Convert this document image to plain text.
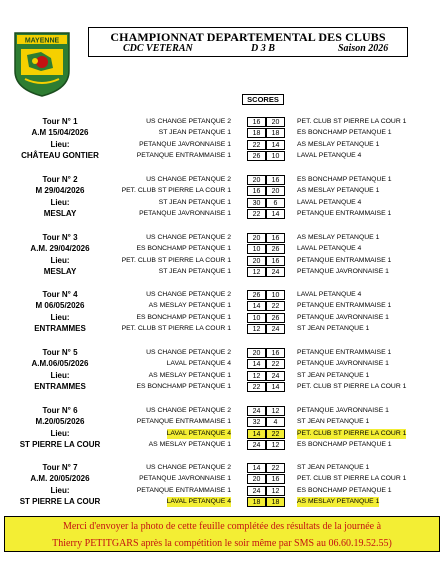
MAYENNE	CHAMPIONNAT DEPARTEMENTAL DES CLUBS
CDC VETERAN	D 3 B	Saison 2026
SCORES
Tour N° 1
A.M 15/04/2026
Lieu:
CHÂTEAU GONTIER
US CHANGE PETANQUE 2	16	20	PET. CLUB ST PIERRE LA COUR 1
ST JEAN PETANQUE 1	18	18	ES BONCHAMP PETANQUE 1
PETANQUE JAVRONNAISE 1	22	14	AS MESLAY PETANQUE 1
PETANQUE ENTRAMMAISE 1	26	10	LAVAL PETANQUE 4
Tour N° 2
M 29/04/2026
Lieu:
MESLAY
US CHANGE PETANQUE 2	20	16	ES BONCHAMP PETANQUE 1
PET. CLUB ST PIERRE LA COUR 1	16	20	AS MESLAY PETANQUE 1
ST JEAN PETANQUE 1	30	6	LAVAL PETANQUE 4
PETANQUE JAVRONNAISE 1	22	14	PETANQUE ENTRAMMAISE 1
Tour N° 3
A.M. 29/04/2026
Lieu:
MESLAY
US CHANGE PETANQUE 2	20	16	AS MESLAY PETANQUE 1
ES BONCHAMP PETANQUE 1	10	26	LAVAL PETANQUE 4
PET. CLUB ST PIERRE LA COUR 1	20	16	PETANQUE ENTRAMMAISE 1
ST JEAN PETANQUE 1	12	24	PETANQUE JAVRONNAISE 1
Tour N° 4
M 06/05/2026
Lieu:
ENTRAMMES
US CHANGE PETANQUE 2	26	10	LAVAL PETANQUE 4
AS MESLAY PETANQUE 1	14	22	PETANQUE ENTRAMMAISE 1
ES BONCHAMP PETANQUE 1	10	26	PETANQUE JAVRONNAISE 1
PET. CLUB ST PIERRE LA COUR 1	12	24	ST JEAN PETANQUE 1
Tour N° 5
A.M.06/05/2026
Lieu:
ENTRAMMES
US CHANGE PETANQUE 2	20	16	PETANQUE ENTRAMMAISE 1
LAVAL PETANQUE 4	14	22	PETANQUE JAVRONNAISE 1
AS MESLAY PETANQUE 1	12	24	ST JEAN PETANQUE 1
ES BONCHAMP PETANQUE 1	22	14	PET. CLUB ST PIERRE LA COUR 1
Tour N° 6
M.20/05/2026
Lieu:
ST PIERRE LA COUR
US CHANGE PETANQUE 2	24	12	PETANQUE JAVRONNAISE 1
PETANQUE ENTRAMMAISE 1	32	4	ST JEAN PETANQUE 1
LAVAL PETANQUE 4	14	22	PET. CLUB ST PIERRE LA COUR 1
AS MESLAY PETANQUE 1	24	12	ES BONCHAMP PETANQUE 1
Tour N° 7
A.M. 20/05/2026
Lieu:
ST PIERRE LA COUR
US CHANGE PETANQUE 2	14	22	ST JEAN PETANQUE 1
PETANQUE JAVRONNAISE 1	20	16	PET. CLUB ST PIERRE LA COUR 1
PETANQUE ENTRAMMAISE 1	24	12	ES BONCHAMP PETANQUE 1
LAVAL PETANQUE 4	18	18	AS MESLAY PETANQUE 1
Merci d'envoyer la photo de cette feuille complétée des résultats de la journée à
Thierry PETITGARS après la compétition le soir même par SMS au 06.60.19.52.55)
